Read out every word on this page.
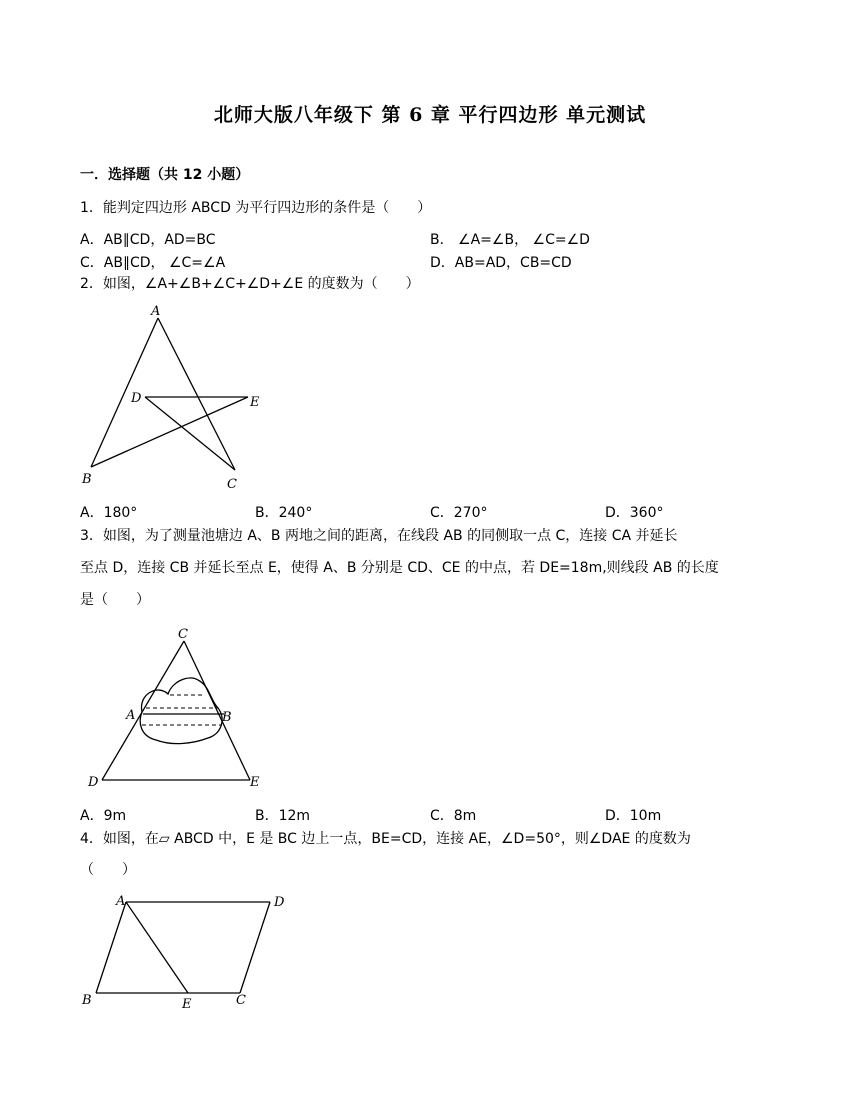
北师大版八年级下 第 6 章 平行四边形 单元测试
一．选择题（共 12 小题）
1．能判定四边形 ABCD 为平行四边形的条件是（　　）
A．AB∥CD，AD=BC	B． ∠A=∠B， ∠C=∠D
C．AB∥CD， ∠C=∠A	D．AB=AD，CB=CD
2．如图，∠A+∠B+∠C+∠D+∠E 的度数为（　　）
A
D	E
B	C
A．180°	B．240°	C．270°	D．360°
3．如图，为了测量池塘边 A、B 两地之间的距离，在线段 AB 的同侧取一点 C，连接 CA 并延长
至点 D，连接 CB 并延长至点 E，使得 A、B 分别是 CD、CE 的中点，若 DE=18m,则线段 AB 的长度
是（　　）
C
A	B
D	E
A．9m	B．12m	C．8m	D．10m
4．如图，在▱ ABCD 中，E 是 BC 边上一点，BE=CD，连接 AE，∠D=50°，则∠DAE 的度数为
（　　）
A	D
B	E	C
